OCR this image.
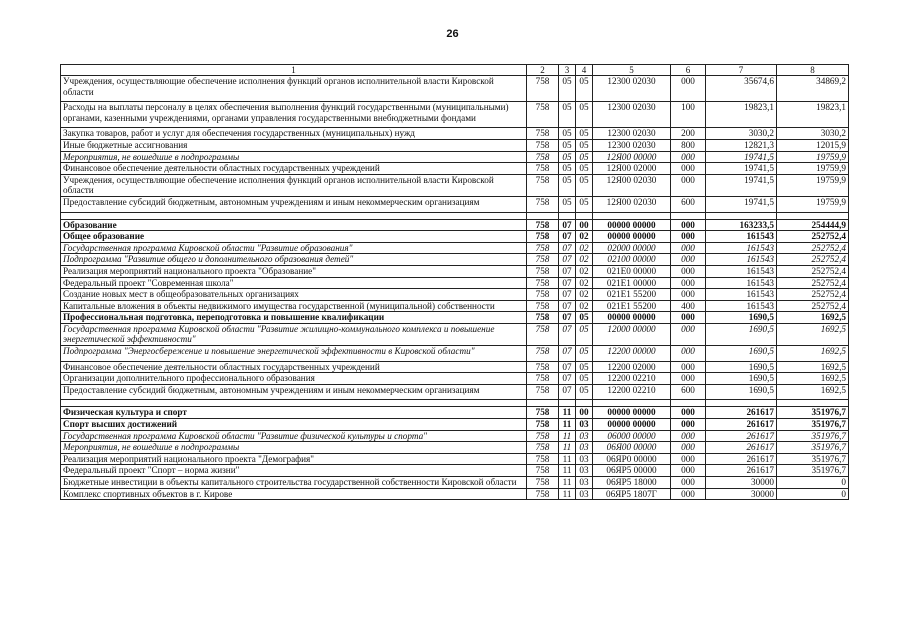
26
1	2	3	4	5	6	7	8
Учреждения, осуществляющие обеспечение исполнения функций органов исполнительной власти Кировской области	758	05	05	12300 02030	000	35674,6	34869,2
Расходы на выплаты персоналу в целях обеспечения выполнения функций государственными (муниципальными) органами, казенными учреждениями, органами управления государственными внебюджетными фондами	758	05	05	12300 02030	100	19823,1	19823,1
Закупка товаров, работ и услуг для обеспечения государственных (муниципальных) нужд	758	05	05	12300 02030	200	3030,2	3030,2
Иные бюджетные ассигнования	758	05	05	12300 02030	800	12821,3	12015,9
Мероприятия, не вошедшие в подпрограммы	758	05	05	12Я00 00000	000	19741,5	19759,9
Финансовое обеспечение деятельности областных государственных учреждений	758	05	05	12Я00 02000	000	19741,5	19759,9
Учреждения, осуществляющие обеспечение исполнения функций органов исполнительной власти Кировской области	758	05	05	12Я00 02030	000	19741,5	19759,9
Предоставление субсидий бюджетным, автономным учреждениям и иным некоммерческим организациям	758	05	05	12Я00 02030	600	19741,5	19759,9

Образование	758	07	00	00000 00000	000	163233,5	254444,9
Общее образование	758	07	02	00000 00000	000	161543	252752,4
Государственная программа Кировской области "Развитие образования"	758	07	02	02000 00000	000	161543	252752,4
Подпрограмма "Развитие общего и дополнительного образования детей"	758	07	02	02100 00000	000	161543	252752,4
Реализация мероприятий национального проекта "Образование"	758	07	02	021E0 00000	000	161543	252752,4
Федеральный проект "Современная школа"	758	07	02	021E1 00000	000	161543	252752,4
Создание новых мест в общеобразовательных организациях	758	07	02	021E1 55200	000	161543	252752,4
Капитальные вложения в объекты недвижимого имущества государственной (муниципальной) собственности	758	07	02	021E1 55200	400	161543	252752,4
Профессиональная подготовка, переподготовка и повышение квалификации	758	07	05	00000 00000	000	1690,5	1692,5
Государственная программа Кировской области "Развитие жилищно-коммунального комплекса и повышение энергетической эффективности"	758	07	05	12000 00000	000	1690,5	1692,5
Подпрограмма "Энергосбережение и повышение энергетической эффективности в Кировской области"	758	07	05	12200 00000	000	1690,5	1692,5
Финансовое обеспечение деятельности областных государственных учреждений	758	07	05	12200 02000	000	1690,5	1692,5
Организации дополнительного профессионального образования	758	07	05	12200 02210	000	1690,5	1692,5
Предоставление субсидий бюджетным, автономным учреждениям и иным некоммерческим организациям	758	07	05	12200 02210	600	1690,5	1692,5

Физическая культура и спорт	758	11	00	00000 00000	000	261617	351976,7
Спорт высших достижений	758	11	03	00000 00000	000	261617	351976,7
Государственная программа Кировской области "Развитие физической культуры и спорта"	758	11	03	06000 00000	000	261617	351976,7
Мероприятия, не вошедшие в подпрограммы	758	11	03	06Я00 00000	000	261617	351976,7
Реализация мероприятий национального проекта "Демография"	758	11	03	06ЯР0 00000	000	261617	351976,7
Федеральный проект "Спорт – норма жизни"	758	11	03	06ЯР5 00000	000	261617	351976,7
Бюджетные инвестиции в объекты капитального строительства государственной собственности Кировской области	758	11	03	06ЯР5 18000	000	30000	0
Комплекс спортивных объектов в г. Кирове	758	11	03	06ЯР5 1807Г	000	30000	0
